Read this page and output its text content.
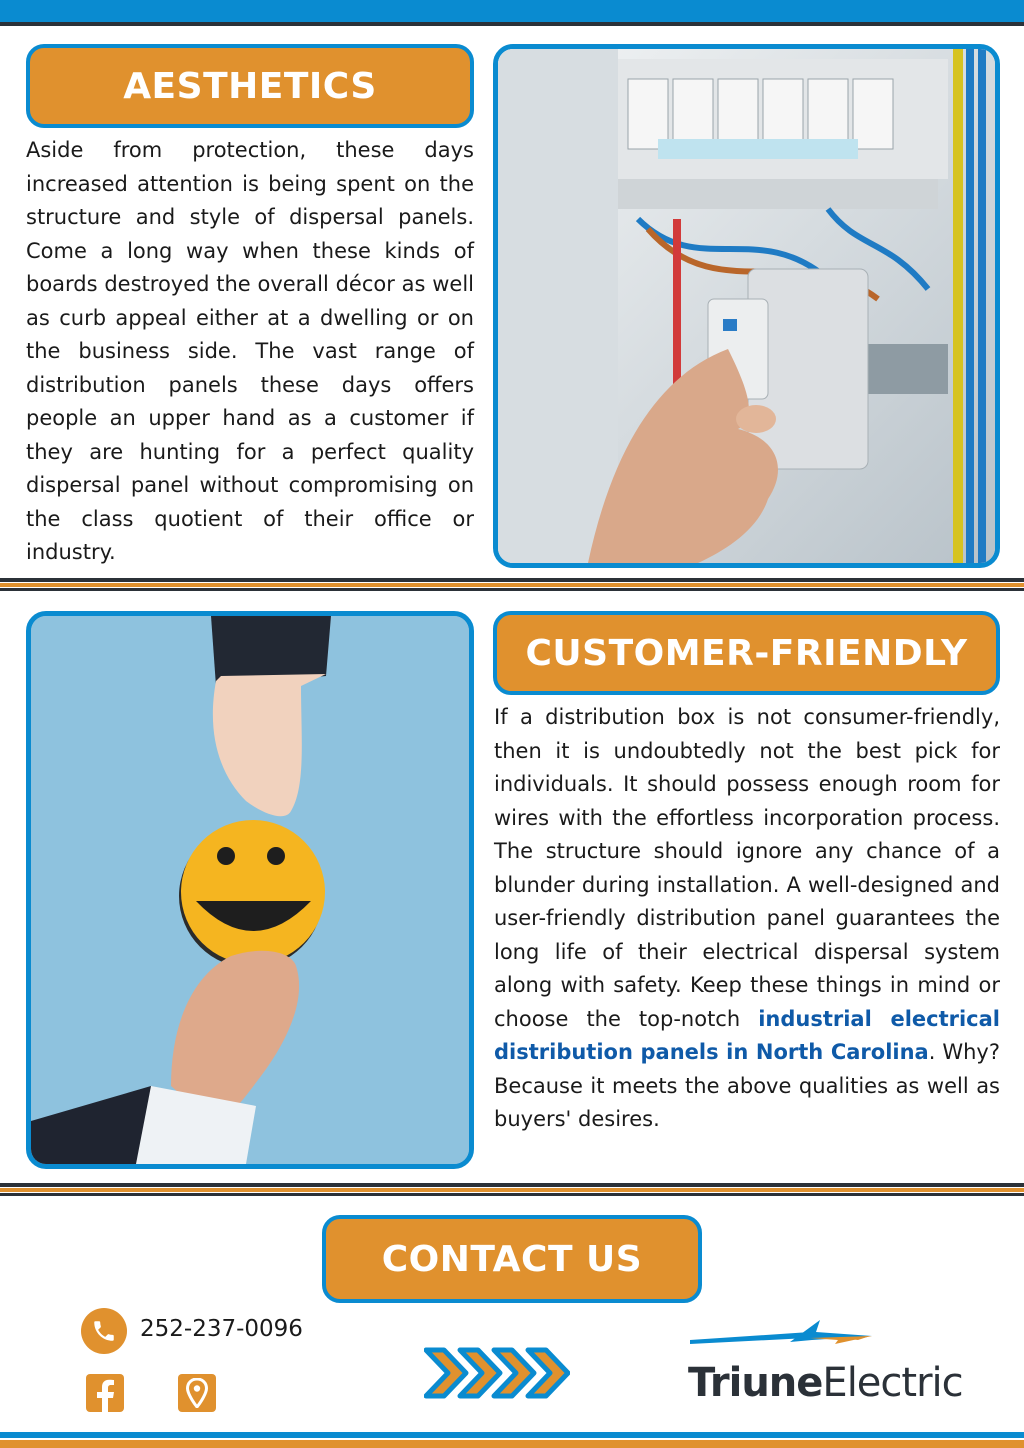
AESTHETICS

Aside from protection, these days increased attention is being spent on the structure and style of dispersal panels. Come a long way when these kinds of boards destroyed the overall décor as well as curb appeal either at a dwelling or on the business side. The vast range of distribution panels these days offers people an upper hand as a customer if they are hunting for a perfect quality dispersal panel without compromising on the class quotient of their office or industry.

CUSTOMER-FRIENDLY

If a distribution box is not consumer-friendly, then it is undoubtedly not the best pick for individuals. It should possess enough room for wires with the effortless incorporation process. The structure should ignore any chance of a blunder during installation. A well-designed and user-friendly distribution panel guarantees the long life of their electrical dispersal system along with safety. Keep these things in mind or choose the top-notch industrial electrical distribution panels in North Carolina. Why? Because it meets the above qualities as well as buyers' desires.

CONTACT US
252-237-0096
TriuneElectric
